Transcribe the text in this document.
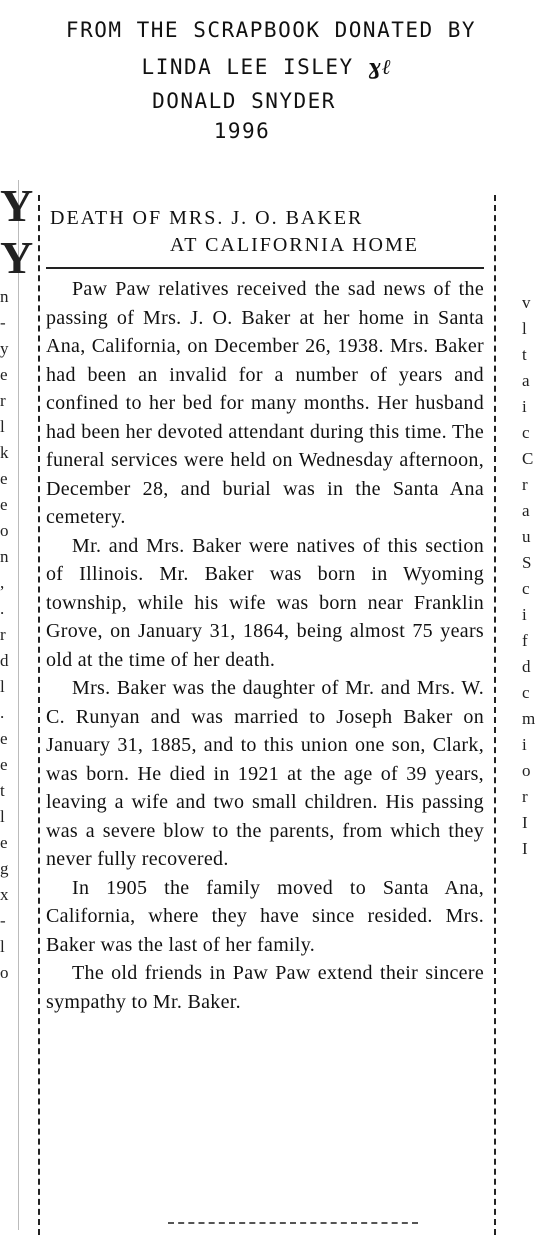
FROM THE SCRAPBOOK DONATED BY
LINDA LEE ISLEY ɣℓ
DONALD SNYDER
1996
Y
Y
n
-
y
e
r
l
k
e
e
o
n
,
.
r
d
l
.
e
e
t
l
e
g
x
-
l
o
v
l
t
a
i
c
C
r
a
u
S
c
i
f
d
c
m
i
o
r
I
I
DEATH OF MRS. J. O. BAKER
AT CALIFORNIA HOME

Paw Paw relatives received the sad news of the passing of Mrs. J. O. Baker at her home in Santa Ana, California, on December 26, 1938. Mrs. Baker had been an invalid for a number of years and confined to her bed for many months. Her husband had been her devoted attendant during this time. The funeral services were held on Wednesday afternoon, December 28, and burial was in the Santa Ana cemetery.

Mr. and Mrs. Baker were natives of this section of Illinois. Mr. Baker was born in Wyoming township, while his wife was born near Franklin Grove, on January 31, 1864, being almost 75 years old at the time of her death.

Mrs. Baker was the daughter of Mr. and Mrs. W. C. Runyan and was married to Joseph Baker on January 31, 1885, and to this union one son, Clark, was born. He died in 1921 at the age of 39 years, leaving a wife and two small children. His passing was a severe blow to the parents, from which they never fully recovered.

In 1905 the family moved to Santa Ana, California, where they have since resided. Mrs. Baker was the last of her family.

The old friends in Paw Paw extend their sincere sympathy to Mr. Baker.
